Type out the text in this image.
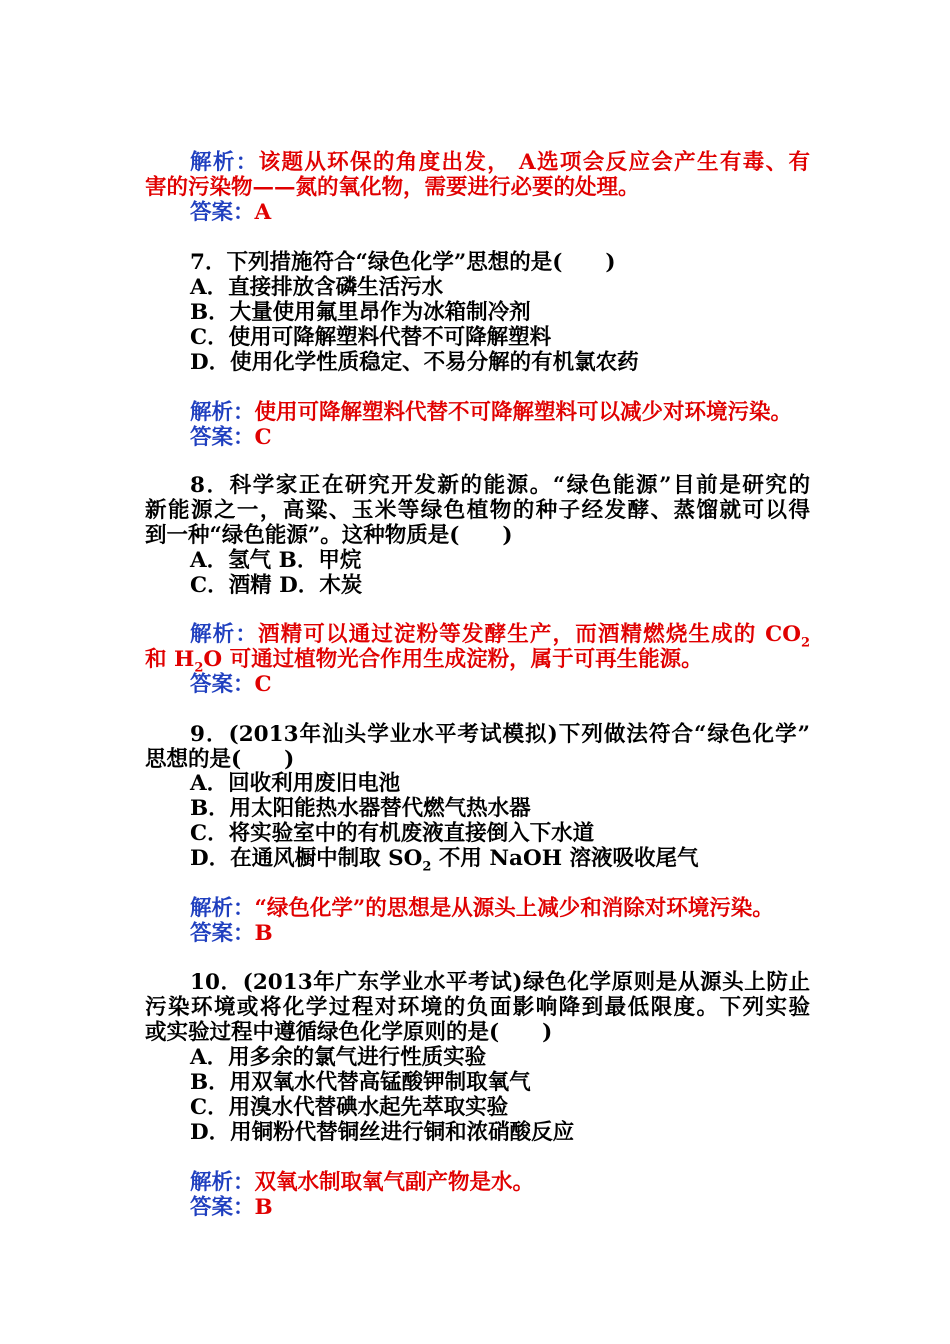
解析：该题从环保的角度出发， A选项会反应会产生有毒、有
害的污染物——氮的氧化物，需要进行必要的处理。
答案：A
7．下列措施符合“绿色化学”思想的是(　　)
A．直接排放含磷生活污水
B．大量使用氟里昂作为冰箱制冷剂
C．使用可降解塑料代替不可降解塑料
D．使用化学性质稳定、不易分解的有机氯农药
解析：使用可降解塑料代替不可降解塑料可以减少对环境污染。
答案：C
8．科学家正在研究开发新的能源。“绿色能源”目前是研究的
新能源之一，高粱、玉米等绿色植物的种子经发酵、蒸馏就可以得
到一种“绿色能源”。这种物质是(　　)
A．氢气 B．甲烷
C．酒精 D．木炭
解析：酒精可以通过淀粉等发酵生产，而酒精燃烧生成的 $CO_2$
和 $H_2O$ 可通过植物光合作用生成淀粉，属于可再生能源。
答案：C
9．(2013年汕头学业水平考试模拟)下列做法符合“绿色化学”
思想的是(　　)
A．回收利用废旧电池
B．用太阳能热水器替代燃气热水器
C．将实验室中的有机废液直接倒入下水道
D．在通风橱中制取 $SO_2$ 不用 NaOH 溶液吸收尾气
解析：“绿色化学”的思想是从源头上减少和消除对环境污染。
答案：B
10．(2013年广东学业水平考试)绿色化学原则是从源头上防止
污染环境或将化学过程对环境的负面影响降到最低限度。下列实验
或实验过程中遵循绿色化学原则的是(　　)
A．用多余的氯气进行性质实验
B．用双氧水代替高锰酸钾制取氧气
C．用溴水代替碘水起先萃取实验
D．用铜粉代替铜丝进行铜和浓硝酸反应
解析：双氧水制取氧气副产物是水。
答案：B
